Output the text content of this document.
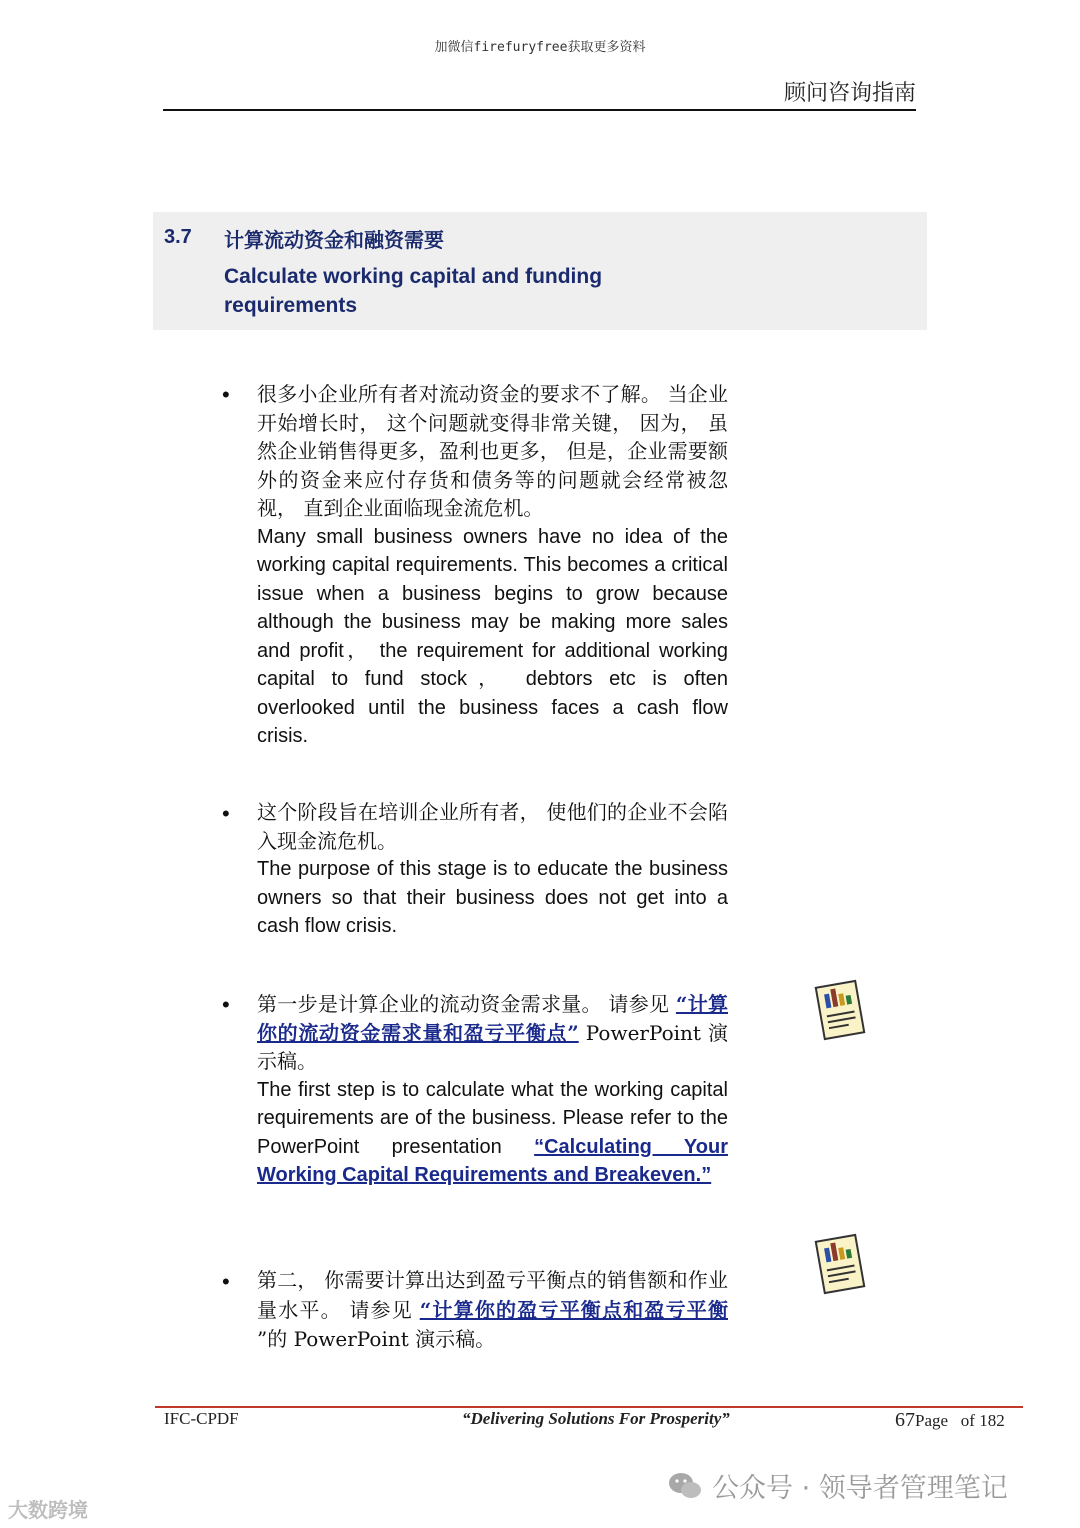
加微信firefuryfree获取更多资料
顾问咨询指南
3.7 计算流动资金和融资需要
Calculate working capital and funding requirements
• 很多小企业所有者对流动资金的要求不了解。 当企业开始增长时， 这个问题就变得非常关键， 因为， 虽然企业销售得更多，盈利也更多， 但是，企业需要额外的资金来应付存货和债务等的问题就会经常被忽视， 直到企业面临现金流危机。
Many small business owners have no idea of the working capital requirements. This becomes a critical issue when a business begins to grow because although the business may be making more sales and profit， the requirement for additional working capital to fund stock， debtors etc is often overlooked until the business faces a cash flow crisis.
• 这个阶段旨在培训企业所有者， 使他们的企业不会陷入现金流危机。
The purpose of this stage is to educate the business owners so that their business does not get into a cash flow crisis.
• 第一步是计算企业的流动资金需求量。 请参见 “计算你的流动资金需求量和盈亏平衡点” PowerPoint 演示稿。
The first step is to calculate what the working capital requirements are of the business. Please refer to the PowerPoint presentation “Calculating Your Working Capital Requirements and Breakeven.”
• 第二， 你需要计算出达到盈亏平衡点的销售额和作业量水平。 请参见 “计算你的盈亏平衡点和盈亏平衡 ”的 PowerPoint 演示稿。
IFC-CPDF	“Delivering Solutions For Prosperity”	67Page of 182
公众号 · 领导者管理笔记
大数跨境
